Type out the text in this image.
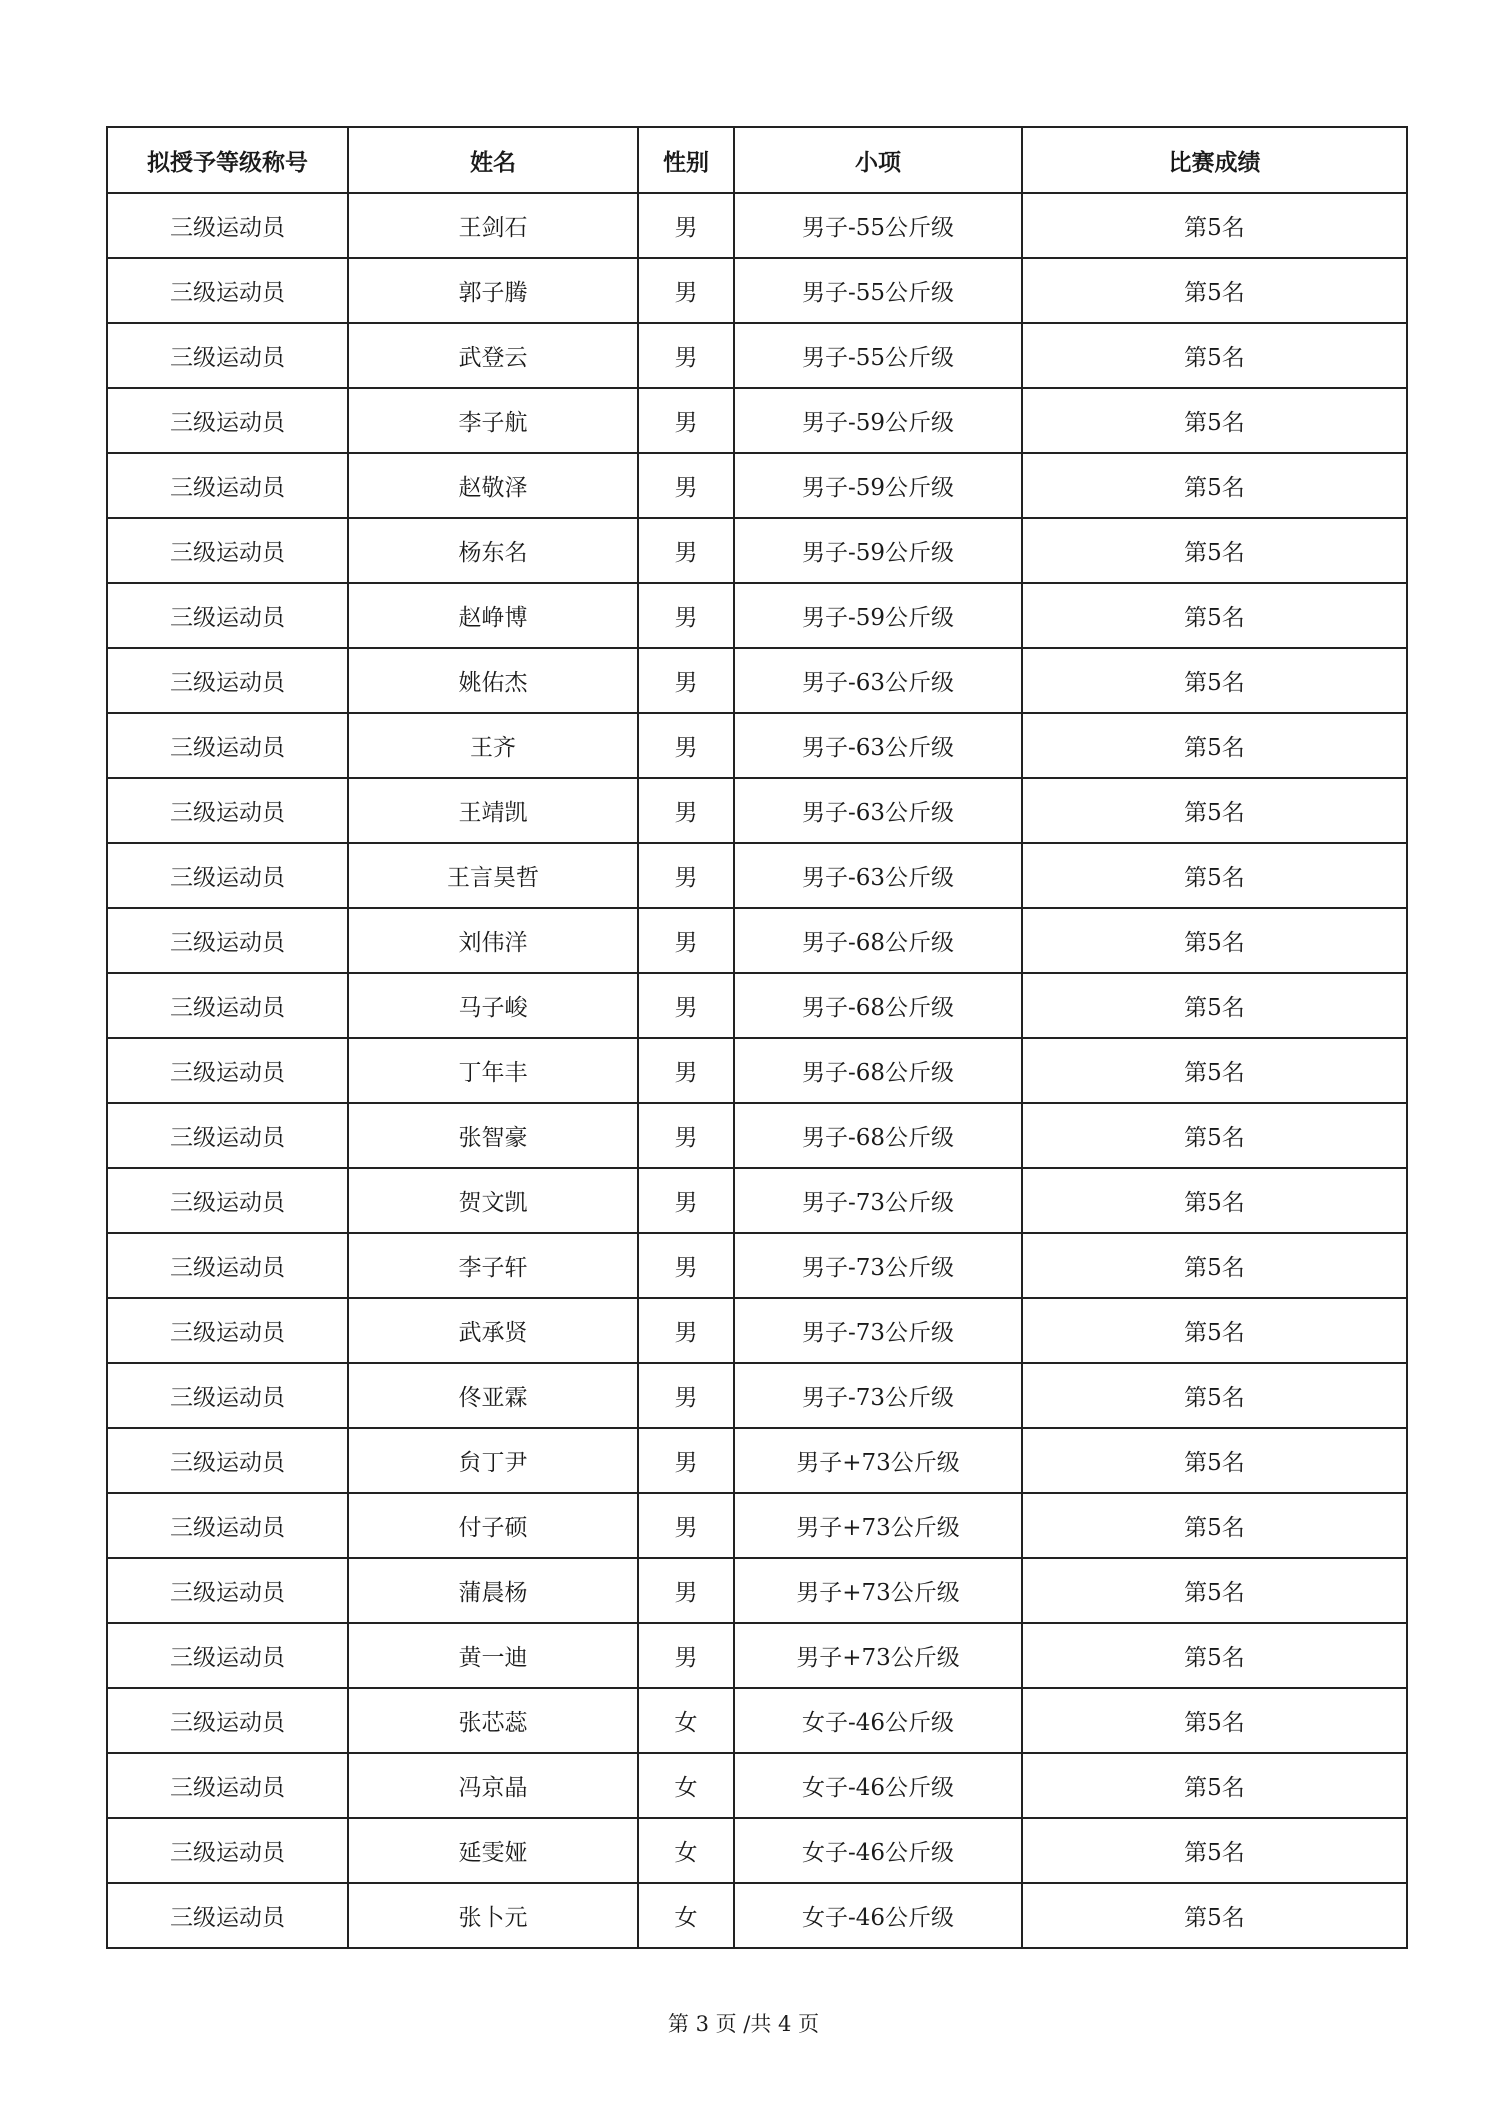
拟授予等级称号	姓名	性别	小项	比赛成绩
三级运动员	王剑石	男	男子-55公斤级	第5名
三级运动员	郭子腾	男	男子-55公斤级	第5名
三级运动员	武登云	男	男子-55公斤级	第5名
三级运动员	李子航	男	男子-59公斤级	第5名
三级运动员	赵敬泽	男	男子-59公斤级	第5名
三级运动员	杨东名	男	男子-59公斤级	第5名
三级运动员	赵峥博	男	男子-59公斤级	第5名
三级运动员	姚佑杰	男	男子-63公斤级	第5名
三级运动员	王齐	男	男子-63公斤级	第5名
三级运动员	王靖凯	男	男子-63公斤级	第5名
三级运动员	王言昊哲	男	男子-63公斤级	第5名
三级运动员	刘伟洋	男	男子-68公斤级	第5名
三级运动员	马子峻	男	男子-68公斤级	第5名
三级运动员	丁年丰	男	男子-68公斤级	第5名
三级运动员	张智豪	男	男子-68公斤级	第5名
三级运动员	贺文凯	男	男子-73公斤级	第5名
三级运动员	李子轩	男	男子-73公斤级	第5名
三级运动员	武承贤	男	男子-73公斤级	第5名
三级运动员	佟亚霖	男	男子-73公斤级	第5名
三级运动员	贠丁尹	男	男子+73公斤级	第5名
三级运动员	付子硕	男	男子+73公斤级	第5名
三级运动员	蒲晨杨	男	男子+73公斤级	第5名
三级运动员	黄一迪	男	男子+73公斤级	第5名
三级运动员	张芯蕊	女	女子-46公斤级	第5名
三级运动员	冯京晶	女	女子-46公斤级	第5名
三级运动员	延雯娅	女	女子-46公斤级	第5名
三级运动员	张卜元	女	女子-46公斤级	第5名
第 3 页 /共 4 页
